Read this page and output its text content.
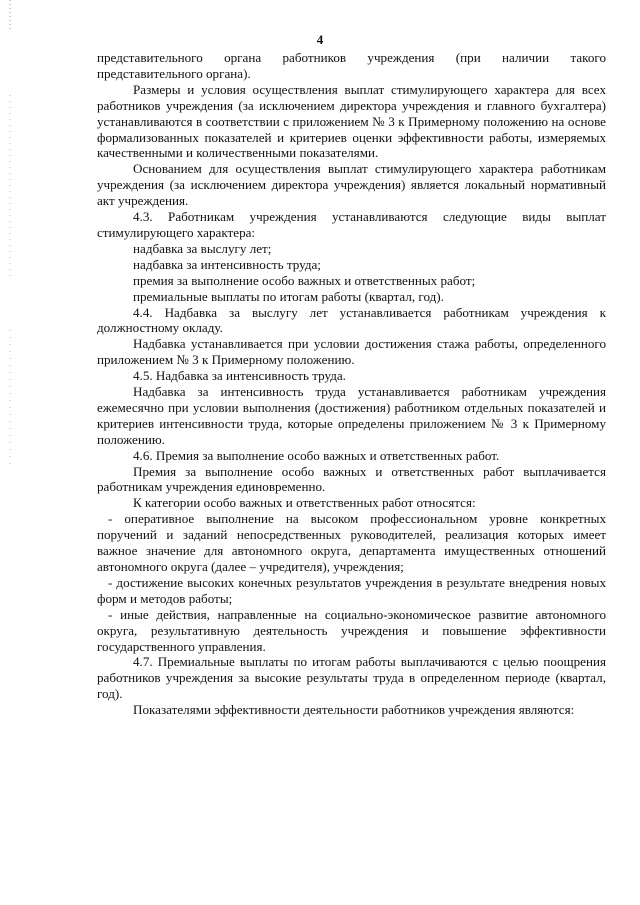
4

представительного органа работников учреждения (при наличии такого представительного органа).

Размеры и условия осуществления выплат стимулирующего характера для всех работников учреждения (за исключением директора учреждения и главного бухгалтера) устанавливаются в соответствии с приложением № 3 к Примерному положению на основе формализованных показателей и критериев оценки эффективности работы, измеряемых качественными и количественными показателями.

Основанием для осуществления выплат стимулирующего характера работникам учреждения (за исключением директора учреждения) является локальный нормативный акт учреждения.

4.3. Работникам учреждения устанавливаются следующие виды выплат стимулирующего характера:

надбавка за выслугу лет;

надбавка за интенсивность труда;

премия за выполнение особо важных и ответственных работ;

премиальные выплаты по итогам работы (квартал, год).

4.4. Надбавка за выслугу лет устанавливается работникам учреждения к должностному окладу.

Надбавка устанавливается при условии достижения стажа работы, определенного приложением № 3 к Примерному положению.

4.5. Надбавка за интенсивность труда.

Надбавка за интенсивность труда устанавливается работникам учреждения ежемесячно при условии выполнения (достижения) работником отдельных показателей и критериев интенсивности труда, которые определены приложением № 3 к Примерному положению.

4.6. Премия за выполнение особо важных и ответственных работ.

Премия за выполнение особо важных и ответственных работ выплачивается работникам учреждения единовременно.

К категории особо важных и ответственных работ относятся:

- оперативное выполнение на высоком профессиональном уровне конкретных поручений и заданий непосредственных руководителей, реализация которых имеет важное значение для автономного округа, департамента имущественных отношений автономного округа (далее – учредителя), учреждения;

- достижение высоких конечных результатов учреждения в результате внедрения новых форм и методов работы;

- иные действия, направленные на социально-экономическое развитие автономного округа, результативную деятельность учреждения и повышение эффективности государственного управления.

4.7. Премиальные выплаты по итогам работы выплачиваются с целью поощрения работников учреждения за высокие результаты труда в определенном периоде (квартал, год).

Показателями эффективности деятельности работников учреждения являются:
